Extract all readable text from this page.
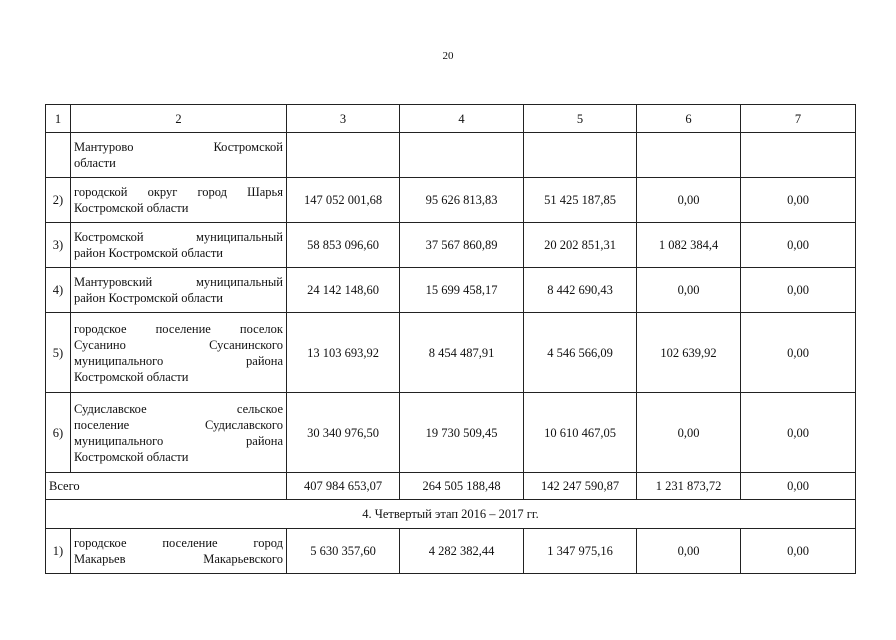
20
1	2	3	4	5	6	7

	Мантурово Костромской
области					

2)	городской округ город Шарья
Костромской области	147 052 001,68	95 626 813,83	51 425 187,85	0,00	0,00
3)	Костромской муниципальный
район Костромской области	58 853 096,60	37 567 860,89	20 202 851,31	1 082 384,4	0,00
4)	Мантуровский муниципальный
район Костромской области	24 142 148,60	15 699 458,17	8 442 690,43	0,00	0,00
5)	городское поселение поселок
Сусанино Сусанинского
муниципального района
Костромской области	13 103 693,92	8 454 487,91	4 546 566,09	102 639,92	0,00
6)	Судиславское сельское
поселение Судиславского
муниципального района
Костромской области	30 340 976,50	19 730 509,45	10 610 467,05	0,00	0,00
Всего		407 984 653,07	264 505 188,48	142 247 590,87	1 231 873,72	0,00
4. Четвертый этап 2016 – 2017 гг.						
1)	городское поселение город
Макарьев Макарьевского	5 630 357,60	4 282 382,44	1 347 975,16	0,00	0,00
